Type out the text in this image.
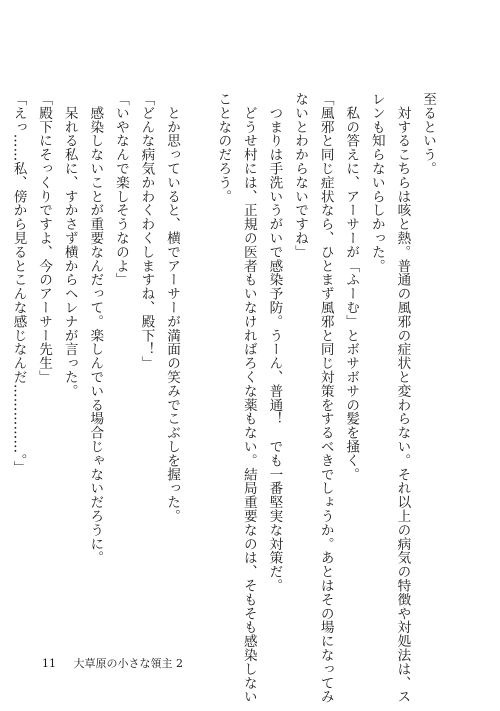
至るという。
　対するこちらは咳と熱。普通の風邪の症状と変わらない。それ以上の病気の特徴や対処法は、ス
レンも知らないらしかった。
　私の答えに、アーサーが「ふーむ」とボサボサの髪を掻く。
「風邪と同じ症状なら、ひとまず風邪と同じ対策をするべきでしょうか。あとはその場になってみ
ないとわからないですね」
　つまりは手洗いうがいで感染予防。うーん、普通！　でも一番堅実な対策だ。
　どうせ村には、正規の医者もいなければろくな薬もない。結局重要なのは、そもそも感染しない
ことなのだろう。
　とか思っていると、横でアーサーが満面の笑みでこぶしを握った。
「どんな病気かわくわくしますね、殿下！」
「いやなんで楽しそうなのよ」
　感染しないことが重要なんだって。楽しんでいる場合じゃないだろうに。
　呆れる私に、すかさず横からヘレナが言った。
「殿下にそっくりですよ、今のアーサー先生」
「えっ……私、傍から見るとこんな感じなんだ……………。」
11 大草原の小さな領主 2
